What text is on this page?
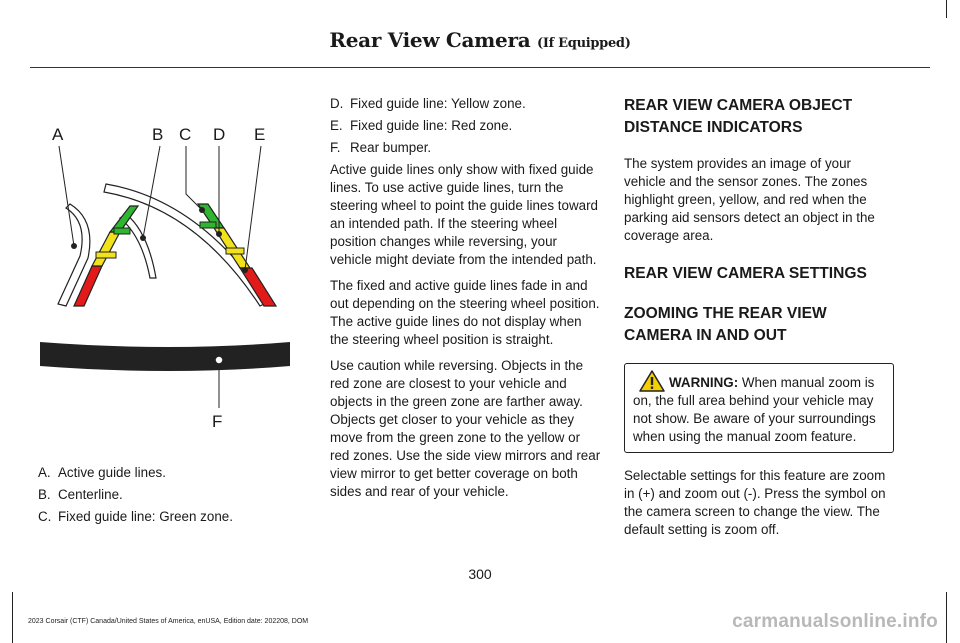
Rear View Camera (If Equipped)
A	B C D E
F
A. Active guide lines.
B. Centerline.
C. Fixed guide line: Green zone.
D. Fixed guide line: Yellow zone.
E. Fixed guide line: Red zone.
F. Rear bumper.

Active guide lines only show with fixed guide lines. To use active guide lines, turn the steering wheel to point the guide lines toward an intended path. If the steering wheel position changes while reversing, your vehicle might deviate from the intended path.

The fixed and active guide lines fade in and out depending on the steering wheel position. The active guide lines do not display when the steering wheel position is straight.

Use caution while reversing. Objects in the red zone are closest to your vehicle and objects in the green zone are farther away. Objects get closer to your vehicle as they move from the green zone to the yellow or red zones. Use the side view mirrors and rear view mirror to get better coverage on both sides and rear of your vehicle.

REAR VIEW CAMERA OBJECT DISTANCE INDICATORS

The system provides an image of your vehicle and the sensor zones. The zones highlight green, yellow, and red when the parking aid sensors detect an object in the coverage area.

REAR VIEW CAMERA SETTINGS
ZOOMING THE REAR VIEW CAMERA IN AND OUT
WARNING: When manual zoom is on, the full area behind your vehicle may not show. Be aware of your surroundings when using the manual zoom feature.

Selectable settings for this feature are zoom in (+) and zoom out (-). Press the symbol on the camera screen to change the view. The default setting is zoom off.

300
2023 Corsair (CTF) Canada/United States of America, enUSA, Edition date: 202208, DOM	carmanualsonline.info
